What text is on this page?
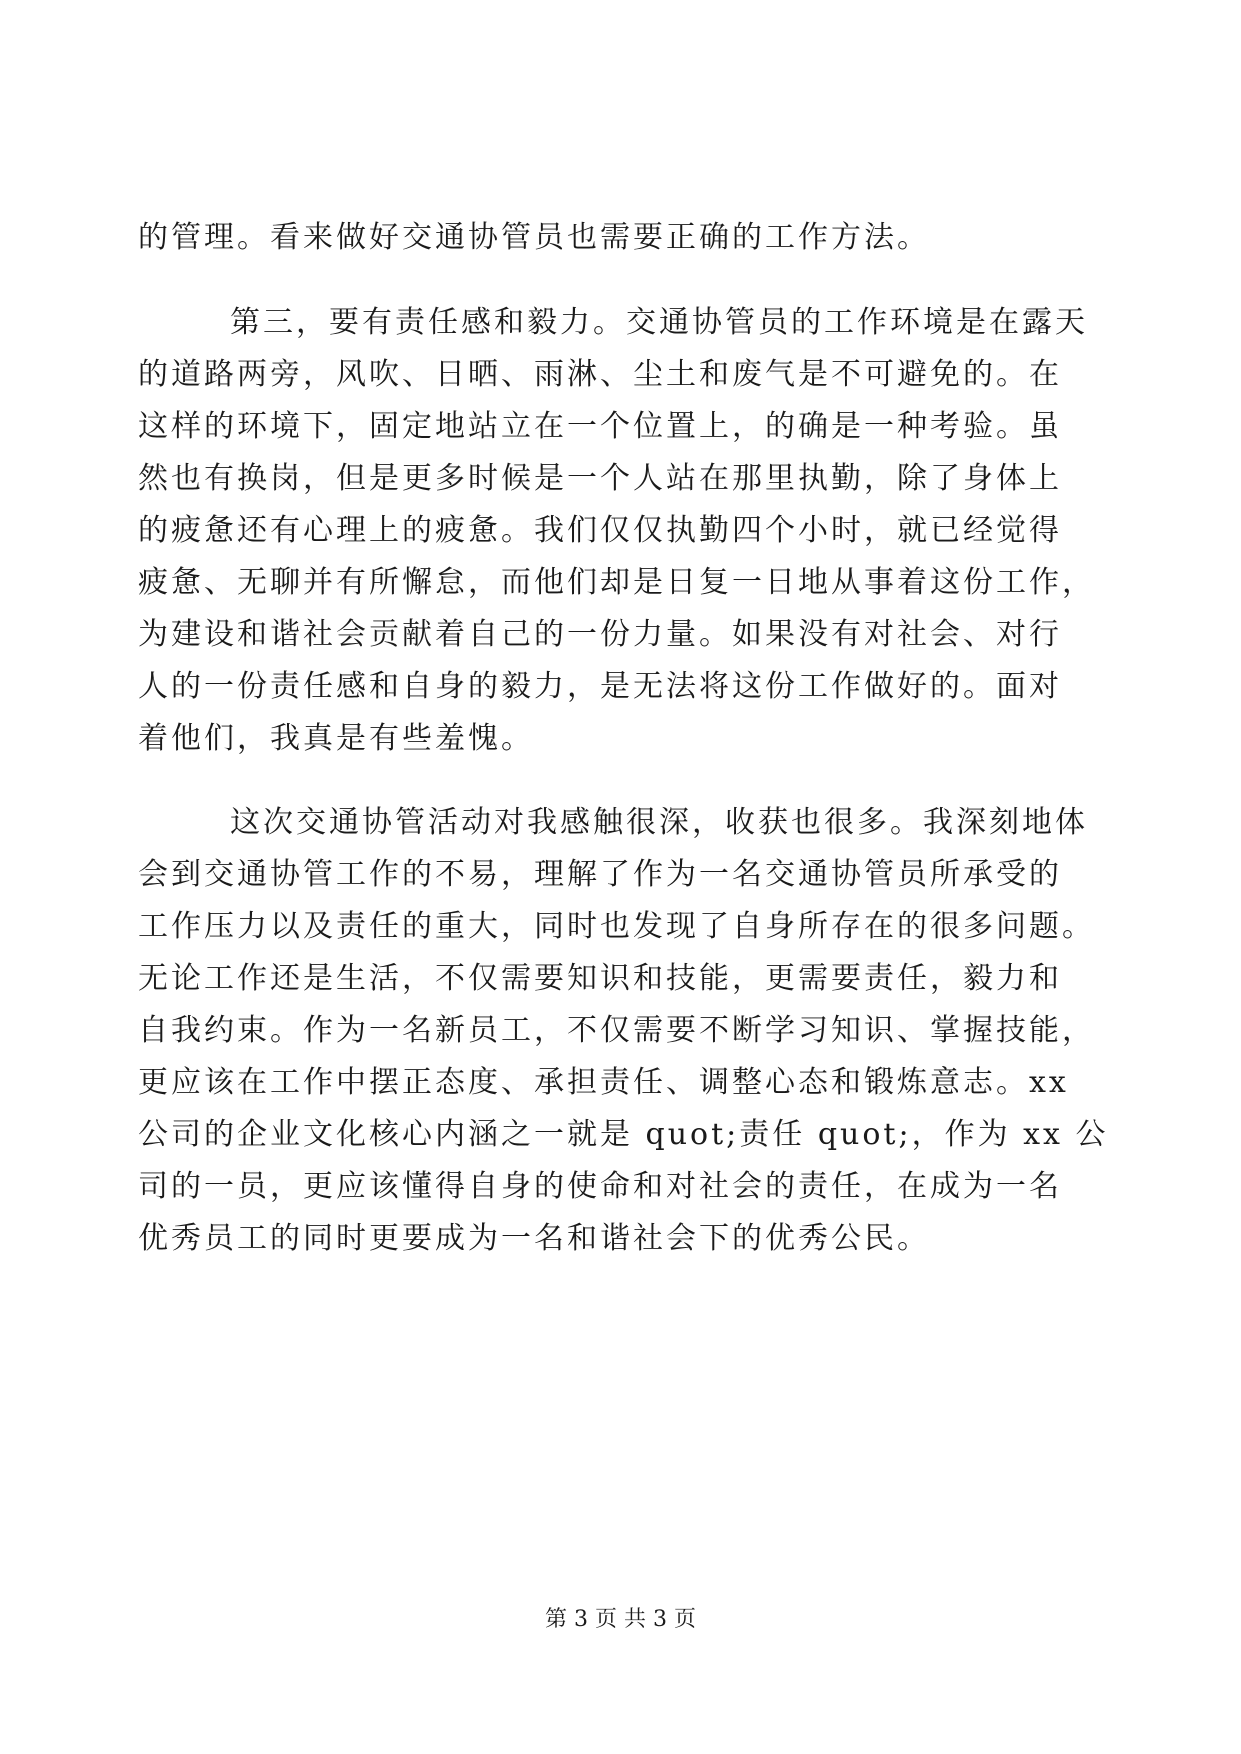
的管理。看来做好交通协管员也需要正确的工作方法。
第三，要有责任感和毅力。交通协管员的工作环境是在露天
的道路两旁，风吹、日晒、雨淋、尘土和废气是不可避免的。在
这样的环境下，固定地站立在一个位置上，的确是一种考验。虽
然也有换岗，但是更多时候是一个人站在那里执勤，除了身体上
的疲惫还有心理上的疲惫。我们仅仅执勤四个小时，就已经觉得
疲惫、无聊并有所懈怠，而他们却是日复一日地从事着这份工作，
为建设和谐社会贡献着自己的一份力量。如果没有对社会、对行
人的一份责任感和自身的毅力，是无法将这份工作做好的。面对
着他们，我真是有些羞愧。
这次交通协管活动对我感触很深，收获也很多。我深刻地体
会到交通协管工作的不易，理解了作为一名交通协管员所承受的
工作压力以及责任的重大，同时也发现了自身所存在的很多问题。
无论工作还是生活，不仅需要知识和技能，更需要责任，毅力和
自我约束。作为一名新员工，不仅需要不断学习知识、掌握技能，
更应该在工作中摆正态度、承担责任、调整心态和锻炼意志。xx
公司的企业文化核心内涵之一就是 quot;责任 quot;，作为 xx 公
司的一员，更应该懂得自身的使命和对社会的责任，在成为一名
优秀员工的同时更要成为一名和谐社会下的优秀公民。
第 3 页 共 3 页
